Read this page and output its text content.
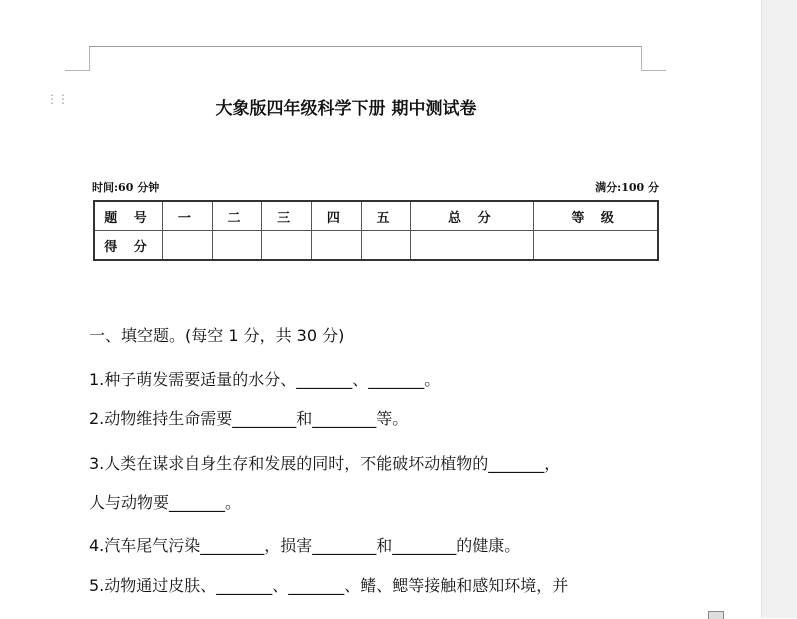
⋮⋮	大象版四年级科学下册 期中测试卷
时间:60 分钟	满分:100 分
题 号	一	二	三	四	五	总 分	等 级
得 分							
一、填空题。(每空 1 分，共 30 分)
1.种子萌发需要适量的水分、_______、_______。
2.动物维持生命需要________和________等。
3.人类在谋求自身生存和发展的同时，不能破坏动植物的_______，
人与动物要_______。
4.汽车尾气污染________，损害________和________的健康。
5.动物通过皮肤、_______、_______、鳍、鳃等接触和感知环境，并
